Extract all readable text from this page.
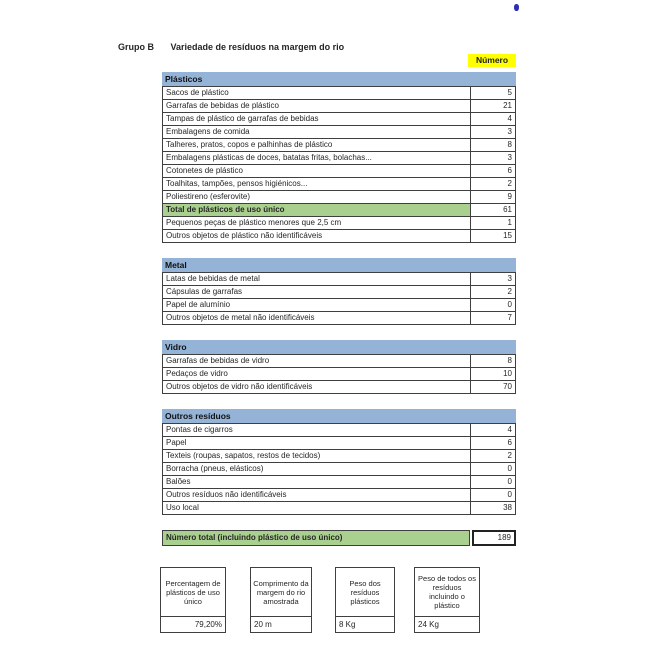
Grupo B Variedade de resíduos na margem do rio
Número
Plásticos
Sacos de plástico	5
Garrafas de bebidas de plástico	21
Tampas de plástico de garrafas de bebidas	4
Embalagens de comida	3
Talheres, pratos, copos e palhinhas de plástico	8
Embalagens plásticas de doces, batatas fritas, bolachas...	3
Cotonetes de plástico	6
Toalhitas, tampões, pensos higiénicos...	2
Poliestireno (esferovite)	9
Total de plásticos de uso único	61
Pequenos peças de plástico menores que 2,5 cm	1
Outros objetos de plástico não identificáveis	15
Metal
Latas de bebidas de metal	3
Cápsulas de garrafas	2
Papel de alumínio	0
Outros objetos de metal não identificáveis	7
Vidro
Garrafas de bebidas de vidro	8
Pedaços de vidro	10
Outros objetos de vidro não identificáveis	70
Outros resíduos
Pontas de cigarros	4
Papel	6
Texteis (roupas, sapatos, restos de tecidos)	2
Borracha (pneus, elásticos)	0
Balões	0
Outros resíduos não identificáveis	0
Uso local	38
Número total (incluindo plástico de uso único)	189
Percentagem de plásticos de uso único
79,20%
Comprimento da margem do rio amostrada
20 m
Peso dos resíduos plásticos
8 Kg
Peso de todos os resíduos incluindo o plástico
24 Kg
